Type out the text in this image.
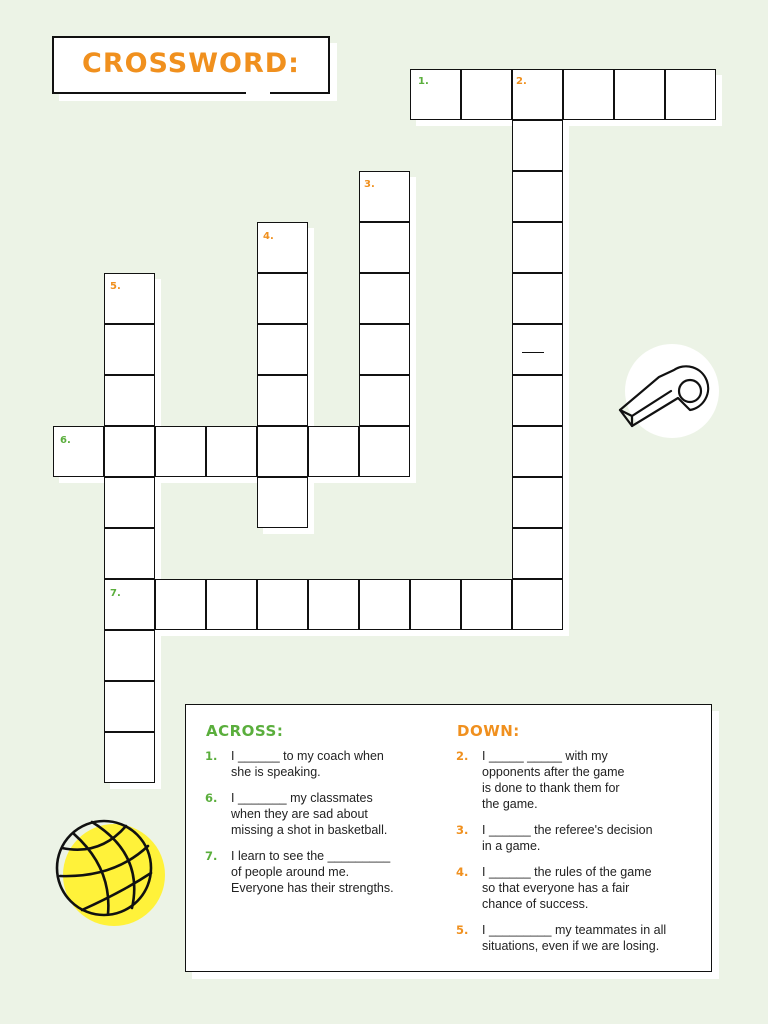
CROSSWORD:
1.	2.
3.
4.
5.
6.
7.
ACROSS:	DOWN:
1. I ______ to my coach when
she is speaking.
6. I _______ my classmates
when they are sad about
missing a shot in basketball.
7. I learn to see the _________
of people around me.
Everyone has their strengths.
2. I _____ _____ with my
opponents after the game
is done to thank them for
the game.
3. I ______ the referee's decision
in a game.
4. I ______ the rules of the game
so that everyone has a fair
chance of success.
5. I _________ my teammates in all
situations, even if we are losing.
